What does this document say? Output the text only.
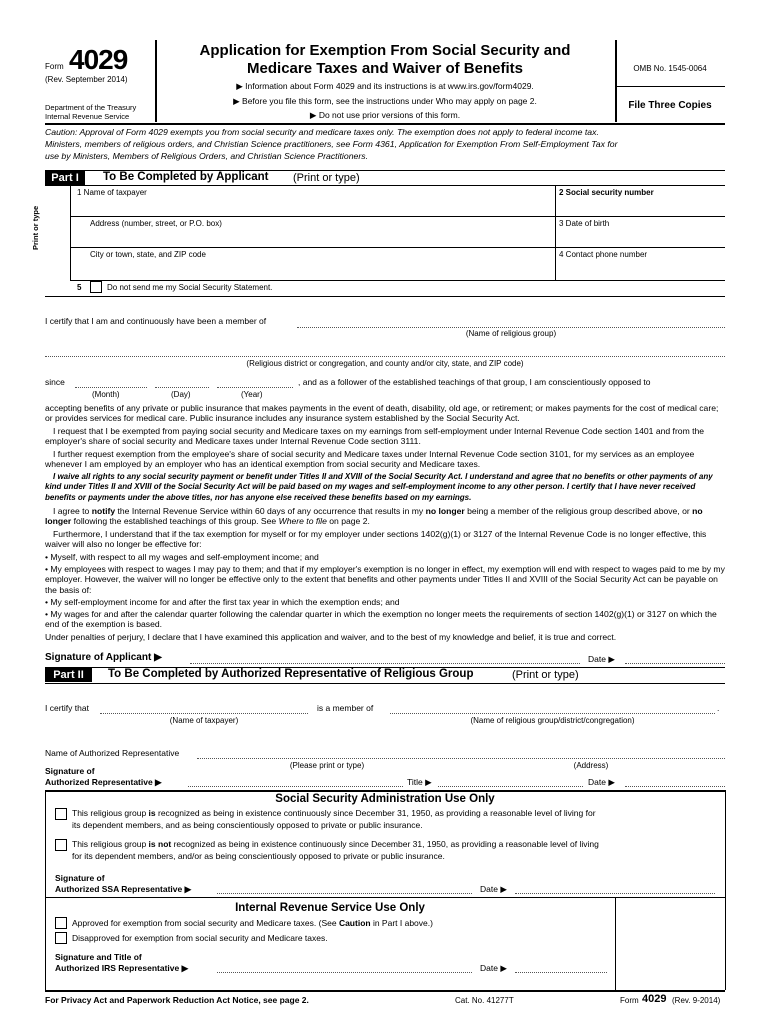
Form 4029
(Rev. September 2014)
Department of the Treasury
Internal Revenue Service
Application for Exemption From Social Security and
Medicare Taxes and Waiver of Benefits
▶ Information about Form 4029 and its instructions is at www.irs.gov/form4029.
▶ Before you file this form, see the instructions under Who may apply on page 2.
▶ Do not use prior versions of this form.
OMB No. 1545-0064
File Three Copies
Caution: Approval of Form 4029 exempts you from social security and medicare taxes only. The exemption does not apply to federal income tax.
Ministers, members of religious orders, and Christian Science practitioners, see Form 4361, Application for Exemption From Self-Employment Tax for
use by Ministers, Members of Religious Orders, and Christian Science Practitioners.
Part I	To Be Completed by Applicant (Print or type)
Print or type
1 Name of taxpayer	2 Social security number
Address (number, street, or P.O. box)	3 Date of birth
City or town, state, and ZIP code	4 Contact phone number
5	Do not send me my Social Security Statement.
I certify that I am and continuously have been a member of
(Name of religious group)
(Religious district or congregation, and county and/or city, state, and ZIP code)
since	, and as a follower of the established teachings of that group, I am conscientiously opposed to
(Month)	(Day)	(Year)
accepting benefits of any private or public insurance that makes payments in the event of death, disability, old age, or retirement; or makes payments for the cost of medical care; or provides services for medical care. Public insurance includes any insurance system established by the Social Security Act.
I request that I be exempted from paying social security and Medicare taxes on my earnings from self-employment under Internal Revenue Code section 1401 and from the employer's share of social security and Medicare taxes under Internal Revenue Code section 3111.
I further request exemption from the employee's share of social security and Medicare taxes under Internal Revenue Code section 3101, for my services as an employee whenever I am employed by an employer who has an identical exemption from social security and Medicare taxes.
I waive all rights to any social security payment or benefit under Titles II and XVIII of the Social Security Act. I understand and agree that no benefits or other payments of any kind under Titles II and XVIII of the Social Security Act will be paid based on my wages and self-employment income to any other person. I certify that I have never received benefits or payments under the above titles, nor has anyone else received these benefits based on my earnings.
I agree to notify the Internal Revenue Service within 60 days of any occurrence that results in my no longer being a member of the religious group described above, or no longer following the established teachings of this group. See Where to file on page 2.
Furthermore, I understand that if the tax exemption for myself or for my employer under sections 1402(g)(1) or 3127 of the Internal Revenue Code is no longer effective, this waiver will also no longer be effective for:
• Myself, with respect to all my wages and self-employment income; and
• My employees with respect to wages I may pay to them; and that if my employer's exemption is no longer in effect, my exemption will end with respect to wages paid to me by my employer. However, the waiver will no longer be effective only to the extent that benefits and other payments under Titles II and XVIII of the Social Security Act can be payable on the basis of:
• My self-employment income for and after the first tax year in which the exemption ends; and
• My wages for and after the calendar quarter following the calendar quarter in which the exemption no longer meets the requirements of section 1402(g)(1) or 3127 on which the end of the exemption is based.
Under penalties of perjury, I declare that I have examined this application and waiver, and to the best of my knowledge and belief, it is true and correct.
Signature of Applicant ▶	Date ▶
Part II	To Be Completed by Authorized Representative of Religious Group	(Print or type)
I certify that	is a member of	.
(Name of taxpayer)	(Name of religious group/district/congregation)
Name of Authorized Representative
(Please print or type)	(Address)
Signature of
Authorized Representative ▶	Title ▶	Date ▶
Social Security Administration Use Only
This religious group is recognized as being in existence continuously since December 31, 1950, as providing a reasonable level of living for
its dependent members, and as being conscientiously opposed to private or public insurance.
This religious group is not recognized as being in existence continuously since December 31, 1950, as providing a reasonable level of living
for its dependent members, and/or as being conscientiously opposed to private or public insurance.
Signature of
Authorized SSA Representative ▶	Date ▶
Internal Revenue Service Use Only
Approved for exemption from social security and Medicare taxes. (See Caution in Part I above.)
Disapproved for exemption from social security and Medicare taxes.
Signature and Title of
Authorized IRS Representative ▶	Date ▶
For Privacy Act and Paperwork Reduction Act Notice, see page 2.	Cat. No. 41277T	Form 4029 (Rev. 9-2014)
